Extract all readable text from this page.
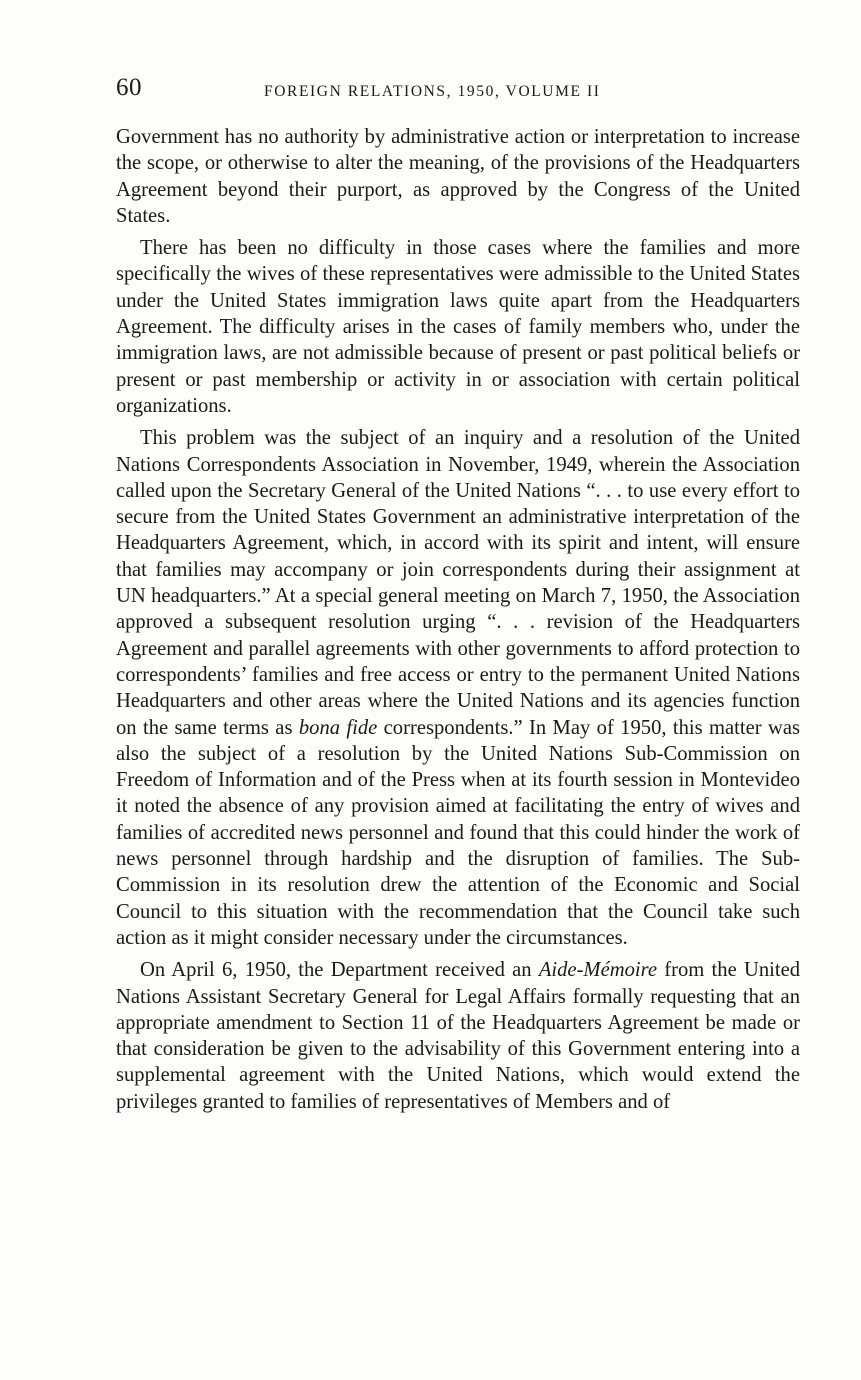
60	FOREIGN RELATIONS, 1950, VOLUME II

Government has no authority by administrative action or interpretation to increase the scope, or otherwise to alter the meaning, of the provisions of the Headquarters Agreement beyond their purport, as approved by the Congress of the United States.

There has been no difficulty in those cases where the families and more specifically the wives of these representatives were admissible to the United States under the United States immigration laws quite apart from the Headquarters Agreement. The difficulty arises in the cases of family members who, under the immigration laws, are not admissible because of present or past political beliefs or present or past membership or activity in or association with certain political organizations.

This problem was the subject of an inquiry and a resolution of the United Nations Correspondents Association in November, 1949, wherein the Association called upon the Secretary General of the United Nations “. . . to use every effort to secure from the United States Government an administrative interpretation of the Headquarters Agreement, which, in accord with its spirit and intent, will ensure that families may accompany or join correspondents during their assignment at UN headquarters.” At a special general meeting on March 7, 1950, the Association approved a subsequent resolution urging “. . . revision of the Headquarters Agreement and parallel agreements with other governments to afford protection to correspondents’ families and free access or entry to the permanent United Nations Headquarters and other areas where the United Nations and its agencies function on the same terms as bona fide correspondents.” In May of 1950, this matter was also the subject of a resolution by the United Nations Sub-Commission on Freedom of Information and of the Press when at its fourth session in Montevideo it noted the absence of any provision aimed at facilitating the entry of wives and families of accredited news personnel and found that this could hinder the work of news personnel through hardship and the disruption of families. The Sub-Commission in its resolution drew the attention of the Economic and Social Council to this situation with the recommendation that the Council take such action as it might consider necessary under the circumstances.

On April 6, 1950, the Department received an Aide-Mémoire from the United Nations Assistant Secretary General for Legal Affairs formally requesting that an appropriate amendment to Section 11 of the Headquarters Agreement be made or that consideration be given to the advisability of this Government entering into a supplemental agreement with the United Nations, which would extend the privileges granted to families of representatives of Members and of
